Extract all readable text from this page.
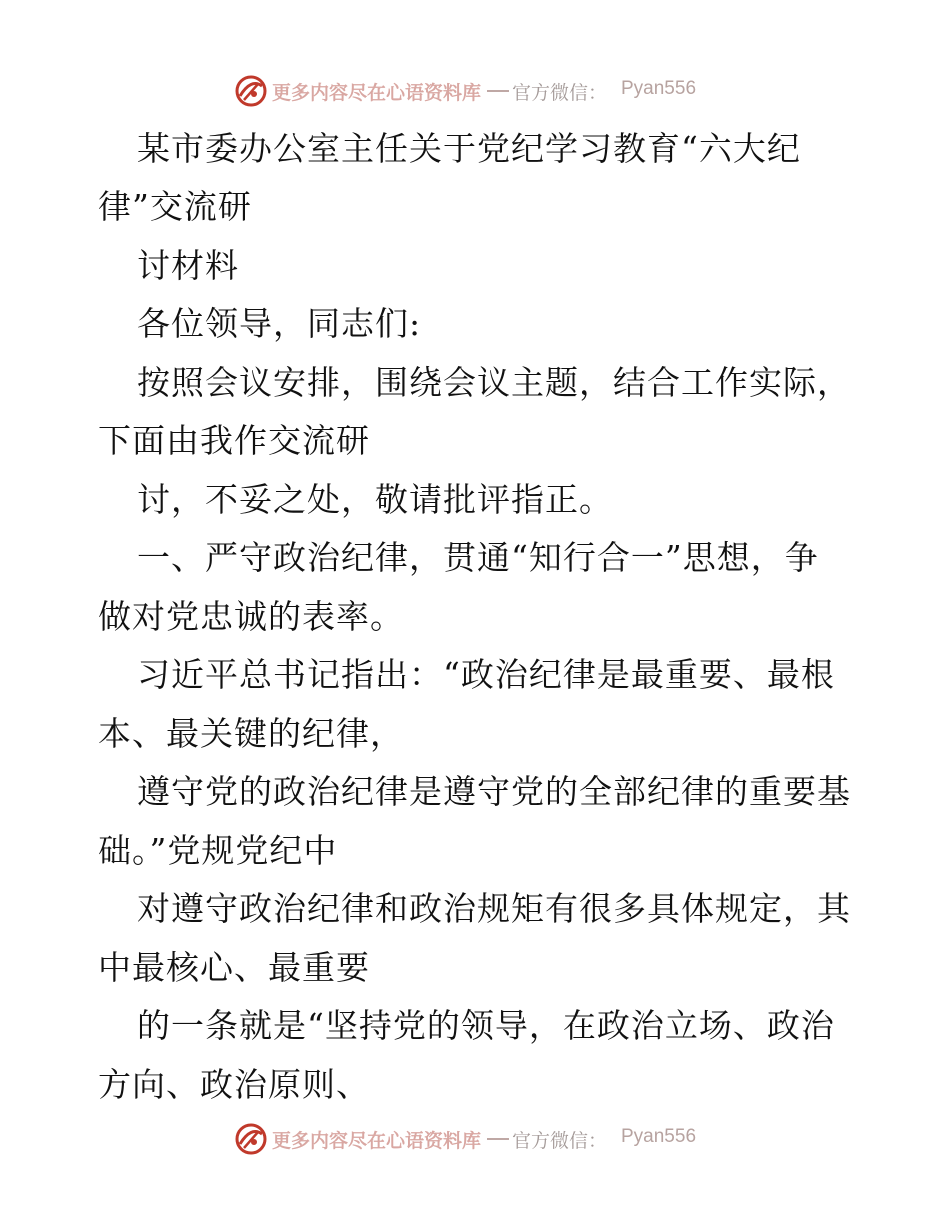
更多内容尽在心语资料库 官方微信： Pyan556
某市委办公室主任关于党纪学习教育“六大纪
律”交流研
讨材料
各位领导，同志们:
按照会议安排，围绕会议主题，结合工作实际，
下面由我作交流研
讨，不妥之处，敬请批评指正。
一、严守政治纪律，贯通“知行合一”思想，争
做对党忠诚的表率。
习近平总书记指出：“政治纪律是最重要、最根
本、最关键的纪律，
遵守党的政治纪律是遵守党的全部纪律的重要基
础。”党规党纪中
对遵守政治纪律和政治规矩有很多具体规定，其
中最核心、最重要
的一条就是“坚持党的领导，在政治立场、政治
方向、政治原则、
更多内容尽在心语资料库 官方微信： Pyan556
